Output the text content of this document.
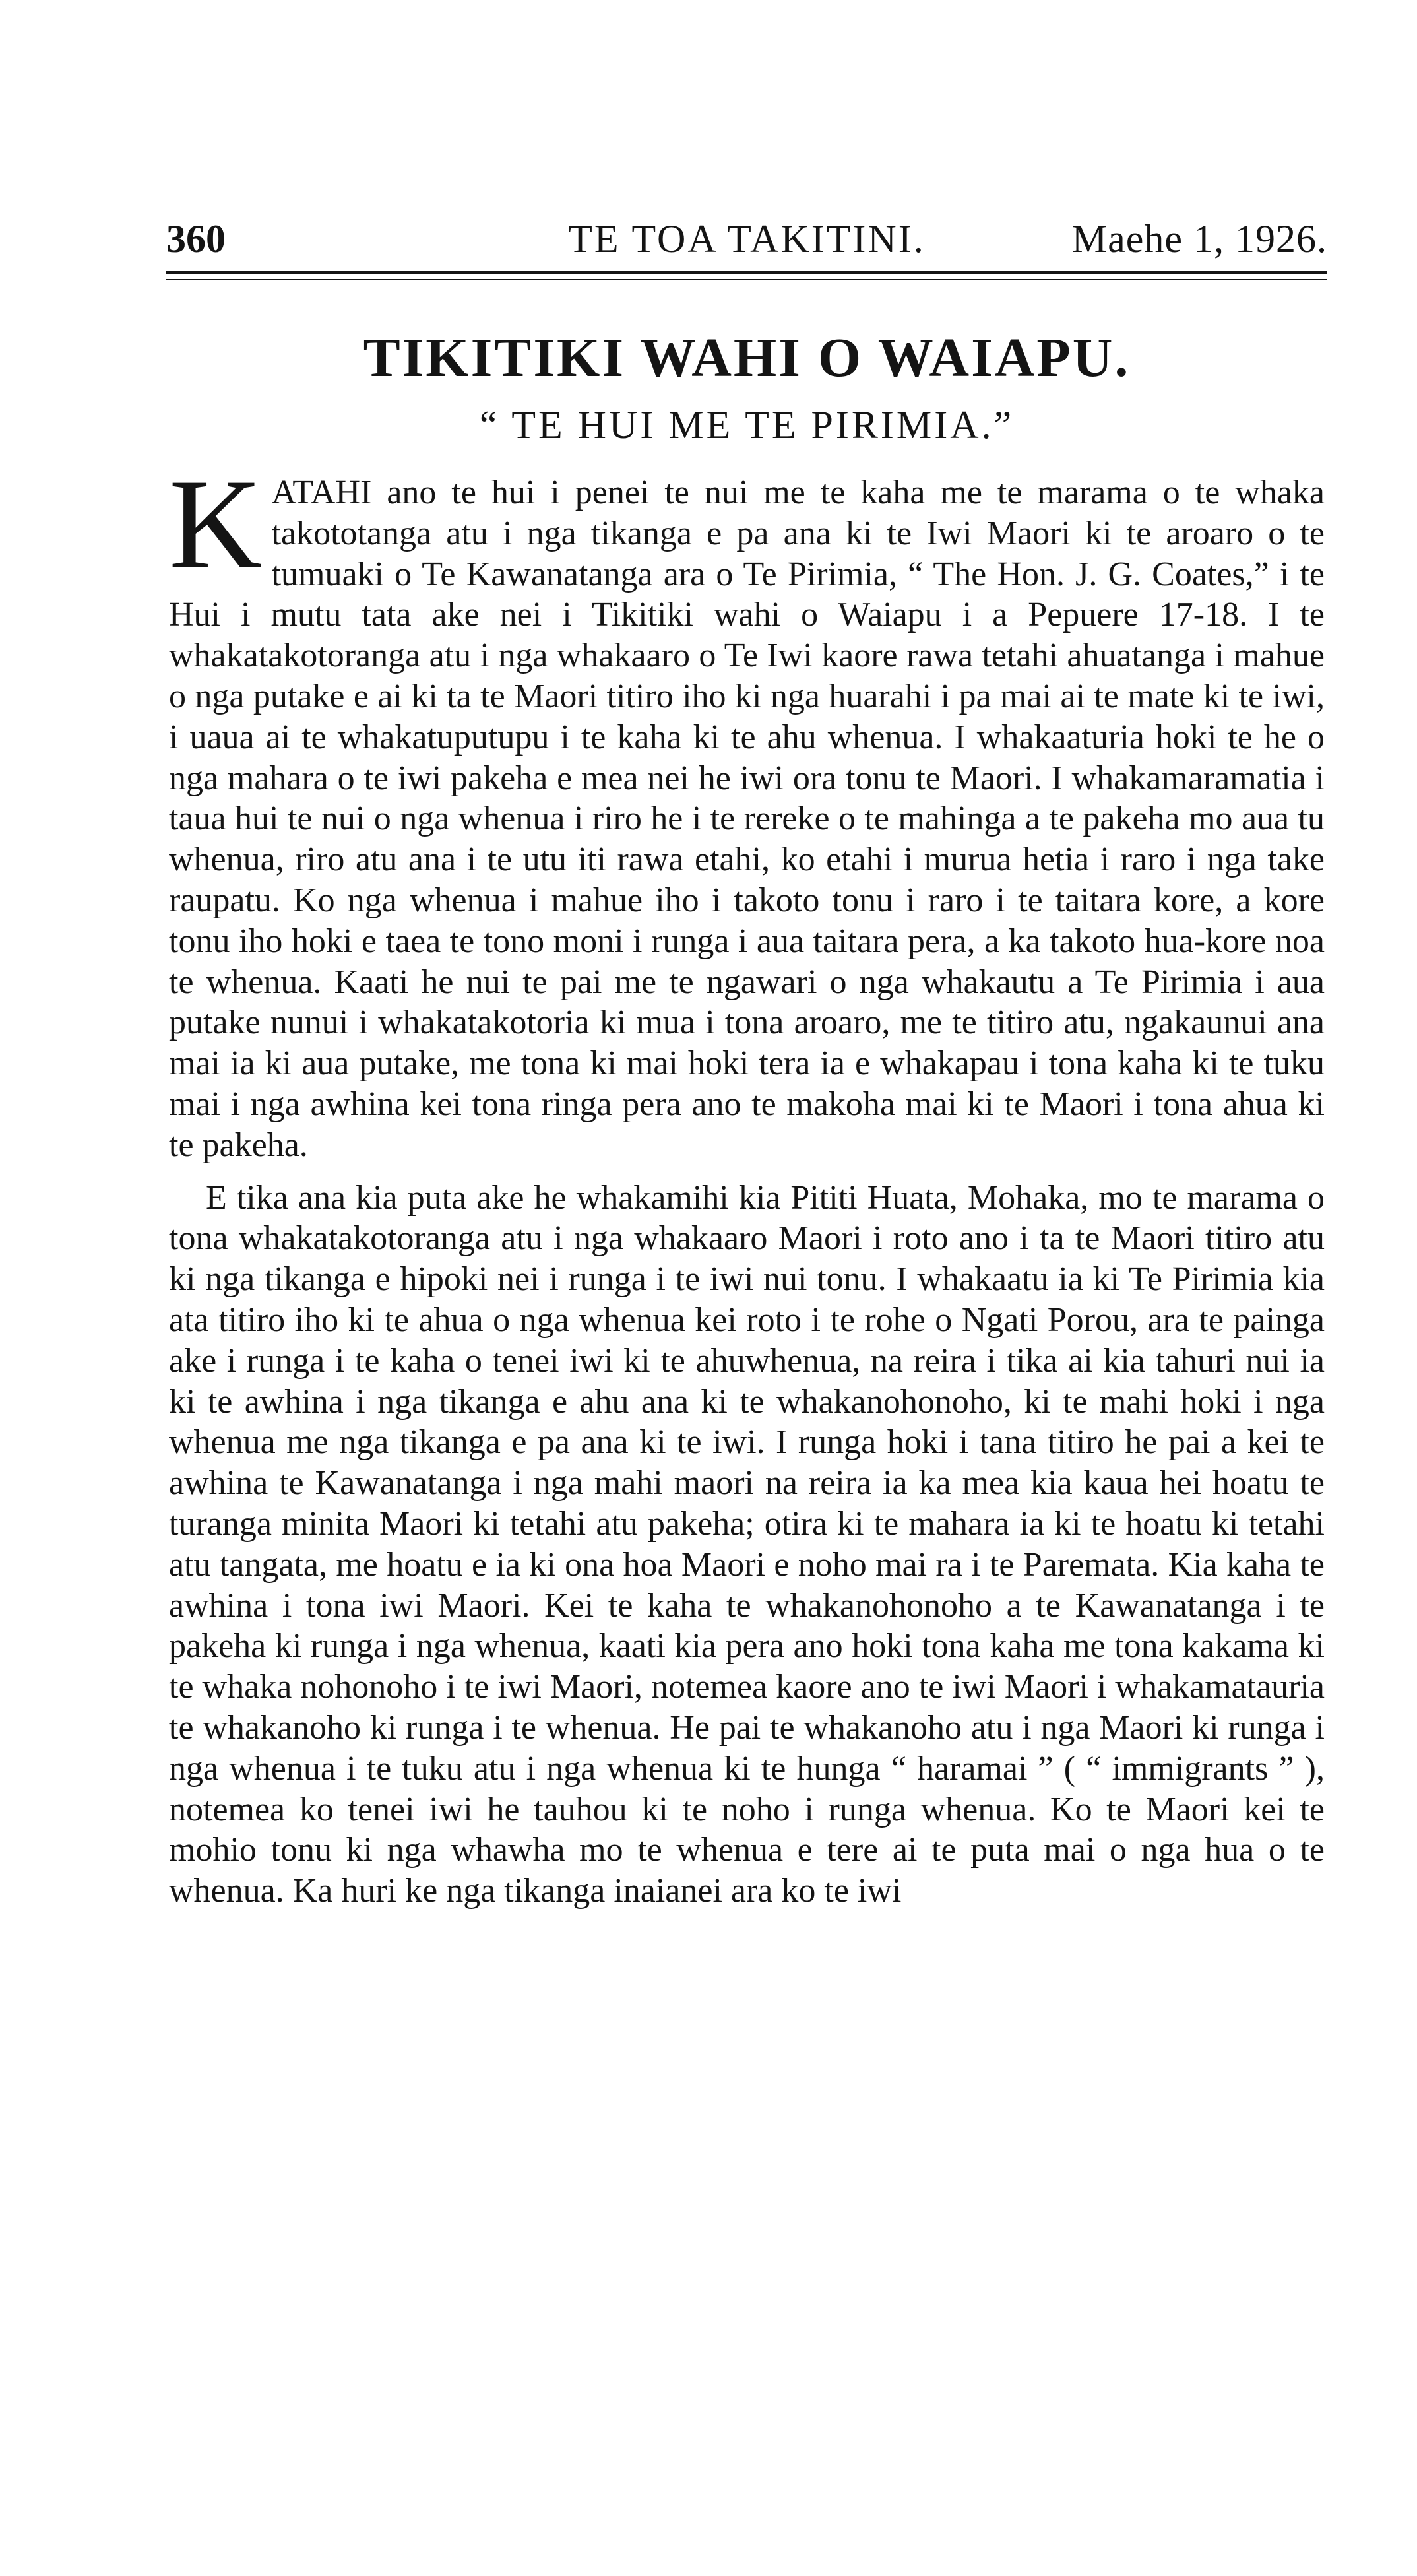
360	TE TOA TAKITINI.	Maehe 1, 1926.
TIKITIKI WAHI O WAIAPU.
“ TE HUI ME TE PIRIMIA.”

KATAHI ano te hui i penei te nui me te kaha me te marama o te whaka takototanga atu i nga tikanga e pa ana ki te Iwi Maori ki te aroaro o te tumuaki o Te Kawanatanga ara o Te Pirimia, “ The Hon. J. G. Coates,” i te Hui i mutu tata ake nei i Tikitiki wahi o Waiapu i a Pepuere 17-18. I te whakatakotoranga atu i nga whakaaro o Te Iwi kaore rawa tetahi ahuatanga i mahue o nga putake e ai ki ta te Maori titiro iho ki nga huarahi i pa mai ai te mate ki te iwi, i uaua ai te whakatuputupu i te kaha ki te ahu whenua. I whakaaturia hoki te he o nga mahara o te iwi pakeha e mea nei he iwi ora tonu te Maori. I whakamaramatia i taua hui te nui o nga whenua i riro he i te rereke o te mahinga a te pakeha mo aua tu whenua, riro atu ana i te utu iti rawa etahi, ko etahi i murua hetia i raro i nga take raupatu. Ko nga whenua i mahue iho i takoto tonu i raro i te taitara kore, a kore tonu iho hoki e taea te tono moni i runga i aua taitara pera, a ka takoto hua-kore noa te whenua. Kaati he nui te pai me te ngawari o nga whakautu a Te Pirimia i aua putake nunui i whakatakotoria ki mua i tona aroaro, me te titiro atu, ngakaunui ana mai ia ki aua putake, me tona ki mai hoki tera ia e whakapau i tona kaha ki te tuku mai i nga awhina kei tona ringa pera ano te makoha mai ki te Maori i tona ahua ki te pakeha.

E tika ana kia puta ake he whakamihi kia Pititi Huata, Mohaka, mo te marama o tona whakatakotoranga atu i nga whakaaro Maori i roto ano i ta te Maori titiro atu ki nga tikanga e hipoki nei i runga i te iwi nui tonu. I whakaatu ia ki Te Pirimia kia ata titiro iho ki te ahua o nga whenua kei roto i te rohe o Ngati Porou, ara te painga ake i runga i te kaha o tenei iwi ki te ahuwhenua, na reira i tika ai kia tahuri nui ia ki te awhina i nga tikanga e ahu ana ki te whakanohonoho, ki te mahi hoki i nga whenua me nga tikanga e pa ana ki te iwi. I runga hoki i tana titiro he pai a kei te awhina te Kawanatanga i nga mahi maori na reira ia ka mea kia kaua hei hoatu te turanga minita Maori ki tetahi atu pakeha; otira ki te mahara ia ki te hoatu ki tetahi atu tangata, me hoatu e ia ki ona hoa Maori e noho mai ra i te Paremata. Kia kaha te awhina i tona iwi Maori. Kei te kaha te whakanohonoho a te Kawanatanga i te pakeha ki runga i nga whenua, kaati kia pera ano hoki tona kaha me tona kakama ki te whaka nohonoho i te iwi Maori, notemea kaore ano te iwi Maori i whakamatauria te whakanoho ki runga i te whenua. He pai te whakanoho atu i nga Maori ki runga i nga whenua i te tuku atu i nga whenua ki te hunga “ haramai ” ( “ immigrants ” ), notemea ko tenei iwi he tauhou ki te noho i runga whenua. Ko te Maori kei te mohio tonu ki nga whawha mo te whenua e tere ai te puta mai o nga hua o te whenua. Ka huri ke nga tikanga inaianei ara ko te iwi
